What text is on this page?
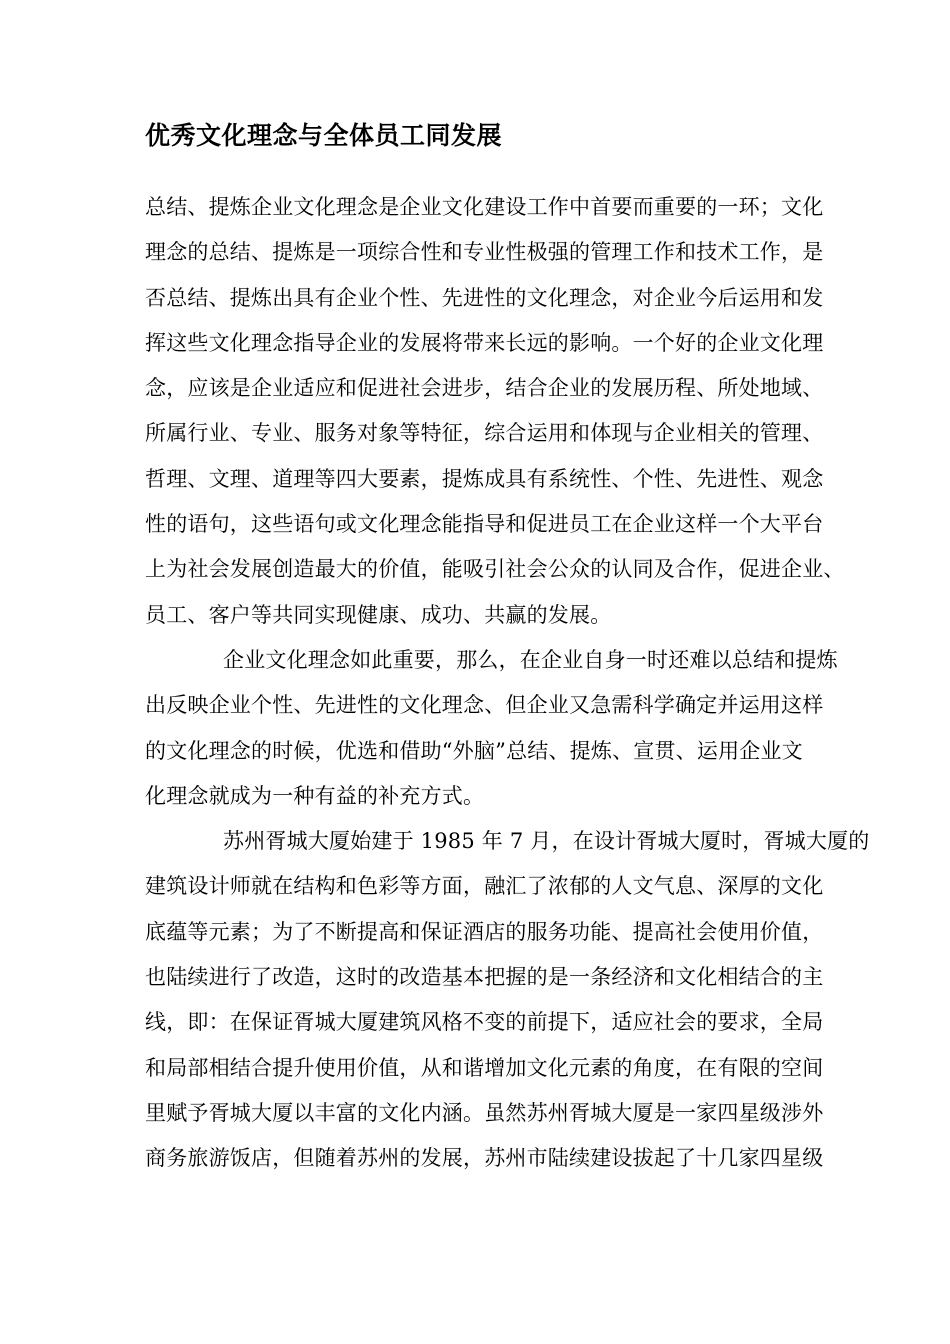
优秀文化理念与全体员工同发展
总结、提炼企业文化理念是企业文化建设工作中首要而重要的一环；文化
理念的总结、提炼是一项综合性和专业性极强的管理工作和技术工作，是
否总结、提炼出具有企业个性、先进性的文化理念，对企业今后运用和发
挥这些文化理念指导企业的发展将带来长远的影响。一个好的企业文化理
念，应该是企业适应和促进社会进步，结合企业的发展历程、所处地域、
所属行业、专业、服务对象等特征，综合运用和体现与企业相关的管理、
哲理、文理、道理等四大要素，提炼成具有系统性、个性、先进性、观念
性的语句，这些语句或文化理念能指导和促进员工在企业这样一个大平台
上为社会发展创造最大的价值，能吸引社会公众的认同及合作，促进企业、
员工、客户等共同实现健康、成功、共赢的发展。
企业文化理念如此重要，那么，在企业自身一时还难以总结和提炼
出反映企业个性、先进性的文化理念、但企业又急需科学确定并运用这样
的文化理念的时候，优选和借助“外脑”总结、提炼、宣贯、运用企业文
化理念就成为一种有益的补充方式。
苏州胥城大厦始建于 1985 年 7 月，在设计胥城大厦时，胥城大厦的
建筑设计师就在结构和色彩等方面，融汇了浓郁的人文气息、深厚的文化
底蕴等元素；为了不断提高和保证酒店的服务功能、提高社会使用价值，
也陆续进行了改造，这时的改造基本把握的是一条经济和文化相结合的主
线，即：在保证胥城大厦建筑风格不变的前提下，适应社会的要求，全局
和局部相结合提升使用价值，从和谐增加文化元素的角度，在有限的空间
里赋予胥城大厦以丰富的文化内涵。虽然苏州胥城大厦是一家四星级涉外
商务旅游饭店，但随着苏州的发展，苏州市陆续建设拔起了十几家四星级
